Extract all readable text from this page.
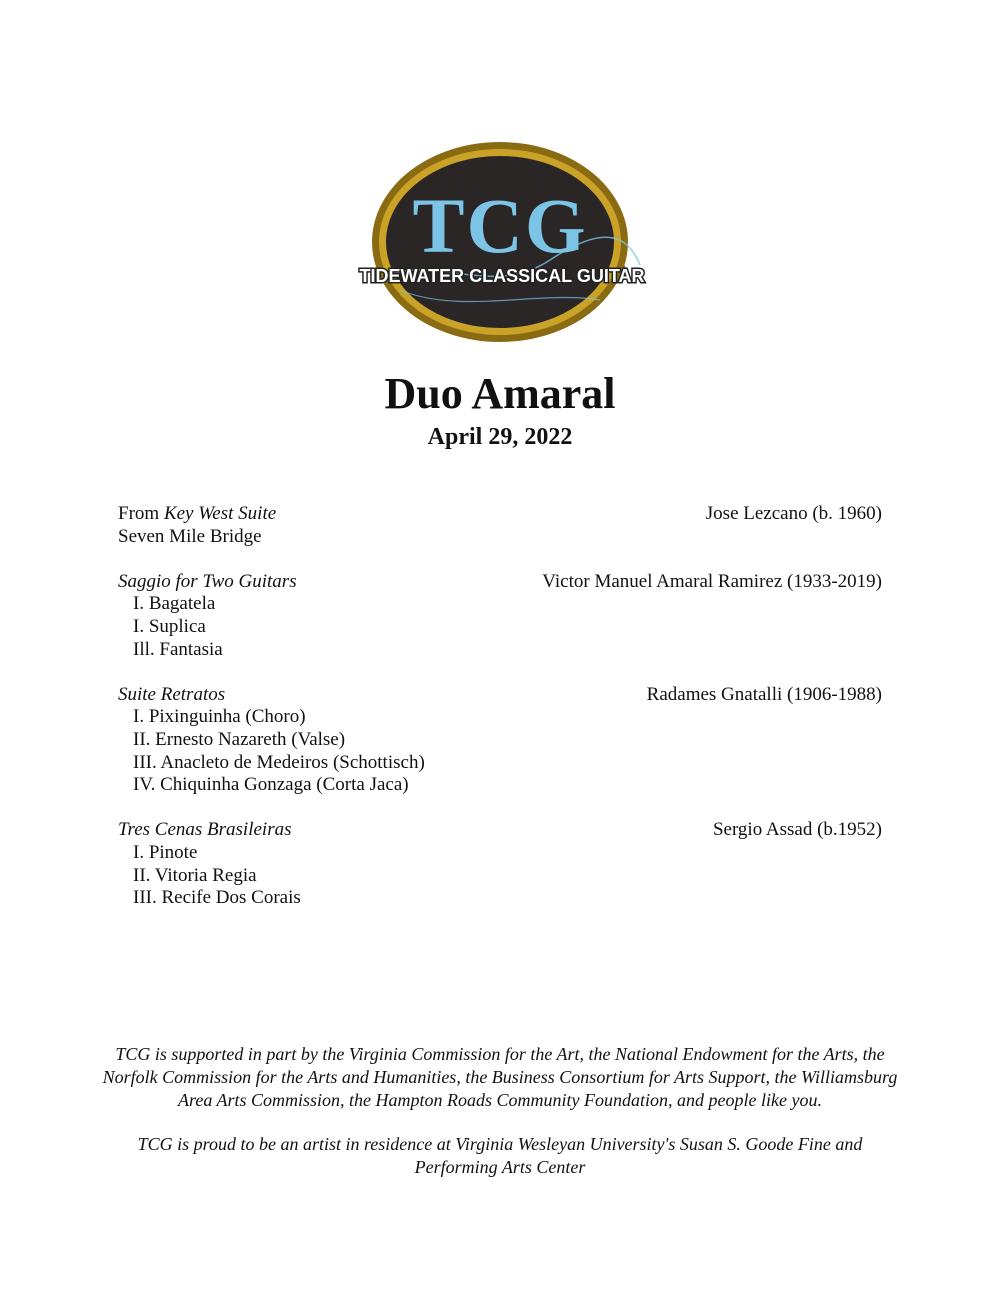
TCG
TIDEWATER CLASSICAL GUITAR
Duo Amaral
April 29, 2022
From Key West Suite	Jose Lezcano (b. 1960)
Seven Mile Bridge
Saggio for Two Guitars	Victor Manuel Amaral Ramirez (1933-2019)
I. Bagatela
I. Suplica
Ill. Fantasia
Suite Retratos	Radames Gnatalli (1906-1988)
I. Pixinguinha (Choro)
II. Ernesto Nazareth (Valse)
III. Anacleto de Medeiros (Schottisch)
IV. Chiquinha Gonzaga (Corta Jaca)
Tres Cenas Brasileiras	Sergio Assad (b.1952)
I. Pinote
II. Vitoria Regia
III. Recife Dos Corais

TCG is supported in part by the Virginia Commission for the Art, the National Endowment for the Arts, the Norfolk Commission for the Arts and Humanities, the Business Consortium for Arts Support, the Williamsburg Area Arts Commission, the Hampton Roads Community Foundation, and people like you.

TCG is proud to be an artist in residence at Virginia Wesleyan University's Susan S. Goode Fine and Performing Arts Center
